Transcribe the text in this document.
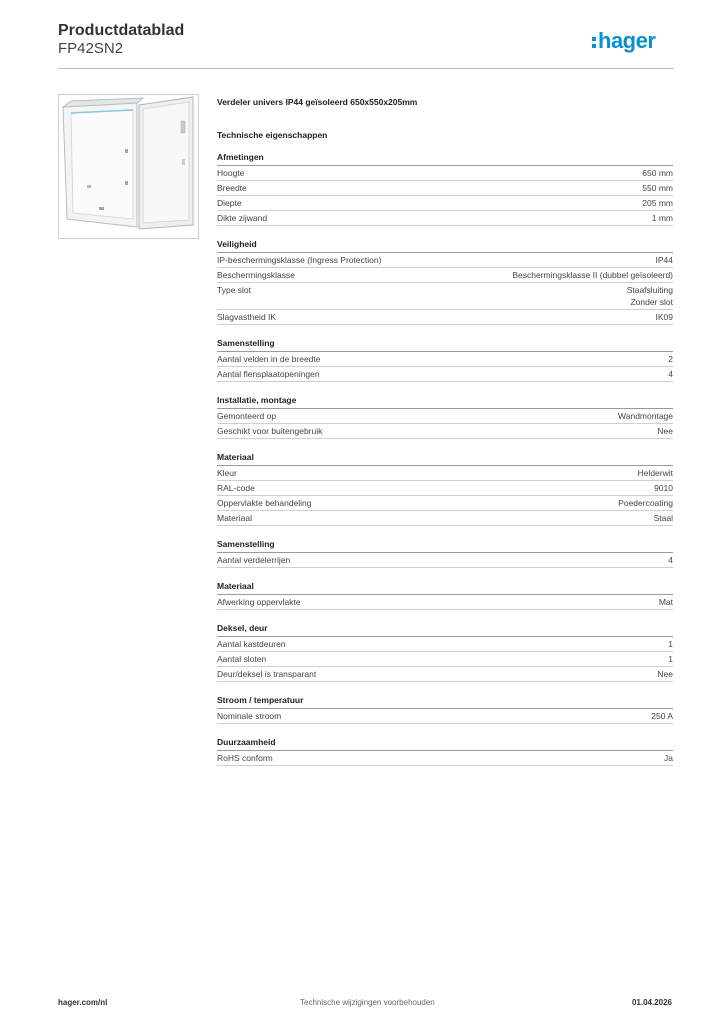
Productdatablad
FP42SN2	hager
Verdeler univers IP44 geïsoleerd 650x550x205mm
Technische eigenschappen
Afmetingen
Hoogte	650 mm
Breedte	550 mm
Diepte	205 mm
Dikte zijwand	1 mm
Veiligheid
IP-beschermingsklasse (Ingress Protection)	IP44
Beschermingsklasse	Beschermingsklasse II (dubbel geïsoleerd)
Type slot	Staafsluiting
Zonder slot
Slagvastheid IK	IK09
Samenstelling
Aantal velden in de breedte	2
Aantal flensplaatopeningen	4
Installatie, montage
Gemonteerd op	Wandmontage
Geschikt voor buitengebruik	Nee
Materiaal
Kleur	Helderwit
RAL-code	9010
Oppervlakte behandeling	Poedercoating
Materiaal	Staal
Samenstelling
Aantal verdelerrijen	4
Materiaal
Afwerking oppervlakte	Mat
Deksel, deur
Aantal kastdeuren	1
Aantal sloten	1
Deur/deksel is transparant	Nee
Stroom / temperatuur
Nominale stroom	250 A
Duurzaamheid
RoHS conform	Ja
hager.com/nl	Technische wijzigingen voorbehouden	01.04.2026
